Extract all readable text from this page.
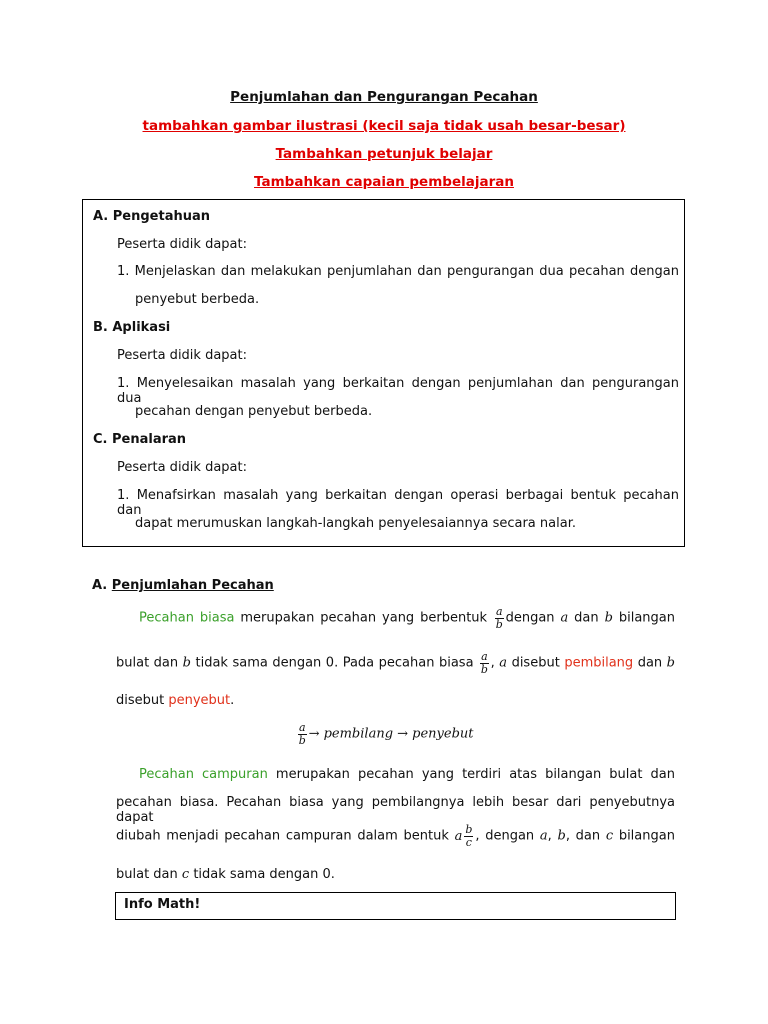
Penjumlahan dan Pengurangan Pecahan
tambahkan gambar ilustrasi (kecil saja tidak usah besar-besar)
Tambahkan petunjuk belajar
Tambahkan capaian pembelajaran
A. Pengetahuan
Peserta didik dapat:
1. Menjelaskan dan melakukan penjumlahan dan pengurangan dua pecahan dengan
penyebut berbeda.
B. Aplikasi
Peserta didik dapat:
1. Menyelesaikan masalah yang berkaitan dengan penjumlahan dan pengurangan dua
pecahan dengan penyebut berbeda.
C. Penalaran
Peserta didik dapat:
1. Menafsirkan masalah yang berkaitan dengan operasi berbagai bentuk pecahan dan
dapat merumuskan langkah-langkah penyelesaiannya secara nalar.
A. Penjumlahan Pecahan
Pecahan biasa merupakan pecahan yang berbentuk $\frac{a}{b}$ dengan a dan b bilangan
bulat dan b tidak sama dengan 0. Pada pecahan biasa $\frac{a}{b}$ , a disebut pembilang dan b
disebut penyebut.
$\frac{a}{b}$ → pembilang → penyebut
Pecahan campuran merupakan pecahan yang terdiri atas bilangan bulat dan
pecahan biasa. Pecahan biasa yang pembilangnya lebih besar dari penyebutnya dapat
diubah menjadi pecahan campuran dalam bentuk a $\frac{b}{c}$ , dengan a, b, dan c bilangan
bulat dan c tidak sama dengan 0.
Info Math!
